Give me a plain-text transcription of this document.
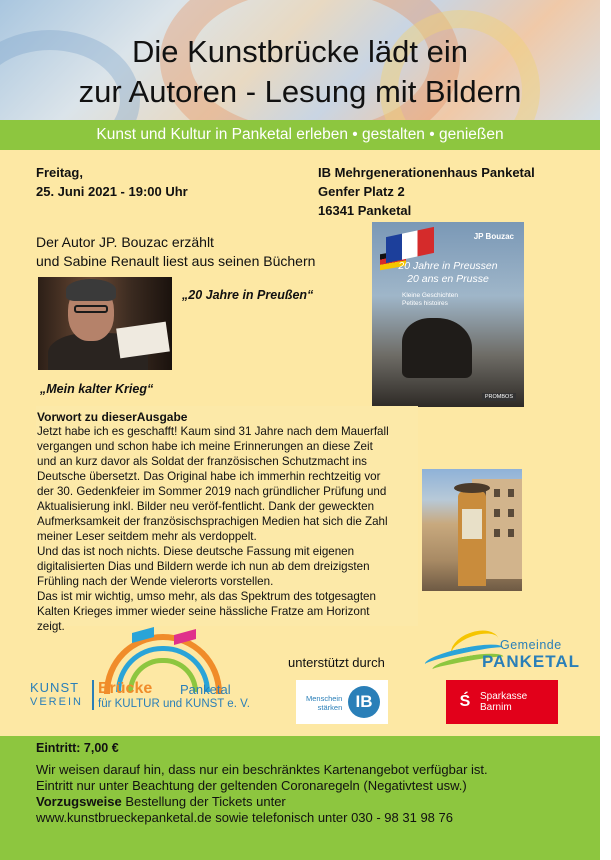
Die Kunstbrücke lädt ein
zur Autoren - Lesung mit Bildern
Kunst und Kultur in Panketal erleben • gestalten • genießen
Freitag,
25. Juni 2021 - 19:00 Uhr
IB Mehrgenerationenhaus Panketal
Genfer Platz 2
16341 Panketal
Der Autor JP. Bouzac erzählt
und Sabine Renault liest aus seinen Büchern
„20 Jahre in Preußen“
„Mein kalter Krieg“
JP Bouzac
20 Jahre in Preussen
20 ans en Prusse
Kleine Geschichten
Petites histoires
PROMBOS
Vorwort zu dieserAusgabe

Jetzt habe ich es geschafft! Kaum sind 31 Jahre nach dem Mauerfall

vergangen und schon habe ich meine Erinnerungen an diese Zeit

und an kurz davor als Soldat der französischen Schutzmacht ins

Deutsche übersetzt. Das Original habe ich immerhin rechtzeitig vor

der 30. Gedenkfeier im Sommer 2019 nach gründlicher Prüfung und

Aktualisierung inkl. Bilder neu veröf-fentlicht. Dank der geweckten

Aufmerksamkeit der französischsprachigen Medien hat sich die Zahl

meiner Leser seitdem mehr als verdoppelt.

Und das ist noch nichts. Diese deutsche Fassung mit eigenen

digitalisierten Dias und Bildern werde ich nun ab dem dreizigsten

Frühling nach der Wende vielerorts vorstellen.

Das ist mir wichtig, umso mehr, als das Spektrum des totgesagten

Kalten Krieges immer wieder seine hässliche Fratze am Horizont

zeigt.

KUNST
VEREIN
Brücke Panketal
für KULTUR und KUNST e. V.
unterstützt durch
Menschein
stärken IB
Gemeinde
PANKETAL
Ś Sparkasse
Barnim
Eintritt: 7,00 €

Wir weisen darauf hin, dass nur ein beschränktes Kartenangebot verfügbar ist.

Eintritt nur unter Beachtung der geltenden Coronaregeln (Negativtest usw.)

Vorzugsweise Bestellung der Tickets unter

www.kunstbrueckepanketal.de sowie telefonisch unter 030 - 98 31 98 76
